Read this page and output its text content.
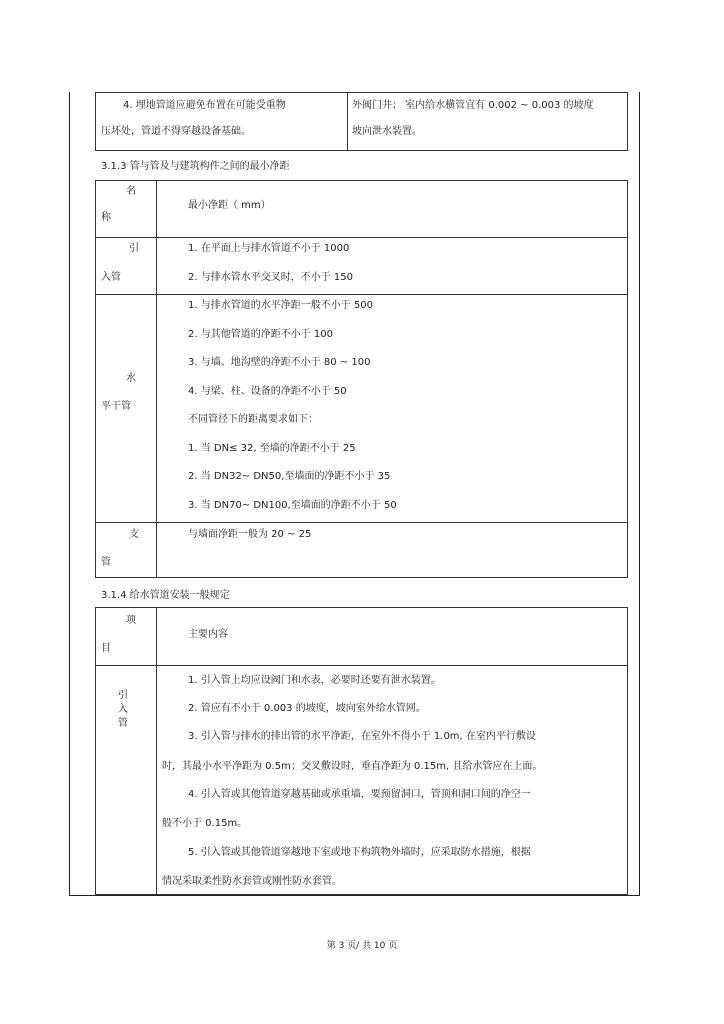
4. 埋地管道应避免布置在可能受重物
压坏处，管道不得穿越设备基础。
外阀门井； 室内给水横管宜有 0.002 ~ 0.003 的坡度
坡向泄水装置。
3.1.3 管与管及与建筑构件之间的最小净距
名
称
最小净距（ mm）
引
入管
1. 在平面上与排水管道不小于 1000
2. 与排水管水平交叉时，不小于 150
水
平干管
1. 与排水管道的水平净距一般不小于 500
2. 与其他管道的净距不小于 100
3. 与墙、地沟壁的净距不小于 80 ~ 100
4. 与梁、柱、设备的净距不小于 50
不同管径下的距离要求如下：
1. 当 DN≤ 32, 至墙的净距不小于 25
2. 当 DN32~ DN50,至墙面的净距不小于 35
3. 当 DN70~ DN100,至墙面的净距不小于 50
支
管
与墙面净距一般为 20 ~ 25
3.1.4 给水管道安装一般规定
项
目
主要内容
引
入
管
1. 引入管上均应设阀门和水表，必要时还要有泄水装置。
2. 管应有不小于 0.003 的坡度，坡向室外给水管网。
3. 引入管与排水的排出管的水平净距，在室外不得小于 1.0m, 在室内平行敷设
时，其最小水平净距为 0.5m；交叉敷设时，垂直净距为 0.15m, 且给水管应在上面。
4. 引入管或其他管道穿越基础或承重墙，要预留洞口，管顶和洞口间的净空一
般不小于 0.15m。
5. 引入管或其他管道穿越地下室或地下构筑物外墙时，应采取防水措施，根据
情况采取柔性防水套管或刚性防水套管。
第 3 页/ 共 10 页
